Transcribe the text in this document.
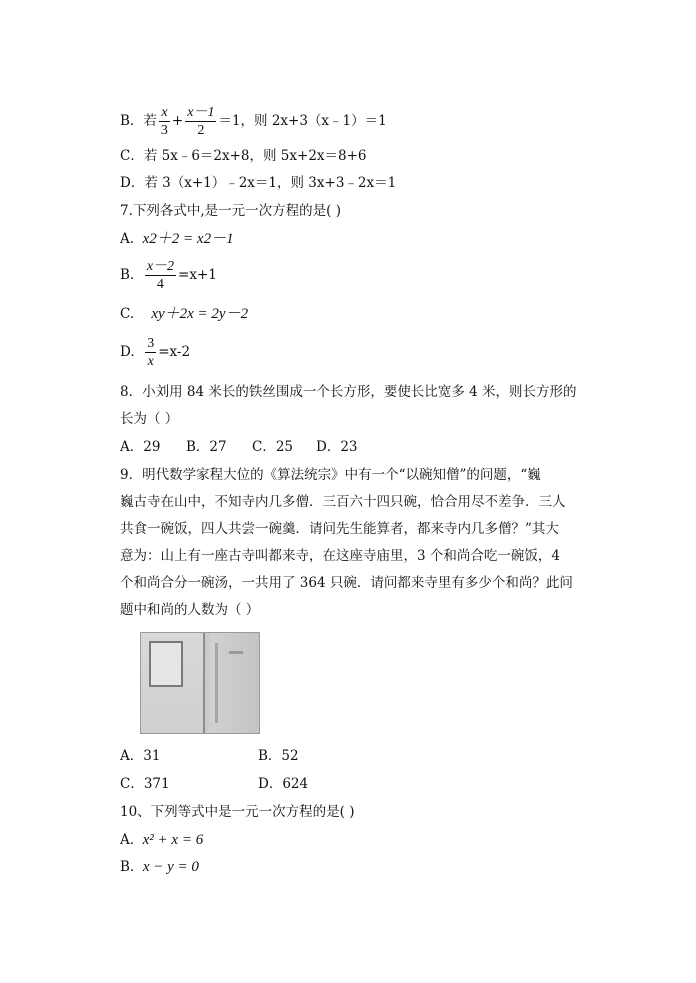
B．若 $\frac{x}{3} + \frac{x-1}{2} =1$，则 2x+3（x﹣1）＝1
C．若 5x﹣6＝2x+8，则 5x+2x＝8+6
D．若 3（x+1）﹣2x＝1，则 3x+3﹣2x＝1
7.下列各式中,是一元一次方程的是( )
A. x2＋2 = x2－1
B. $\frac{x-2}{4} =x+1$
C. xy＋2x = 2y－2
D. $\frac{3}{x} =x-2$
8．小刘用 84 米长的铁丝围成一个长方形，要使长比宽多 4 米，则长方形的
长为（ ）
A．29 B．27 C．25 D．23
9．明代数学家程大位的《算法统宗》中有一个“以碗知僧”的问题，“巍
巍古寺在山中，不知寺内几多僧．三百六十四只碗，恰合用尽不差争．三人
共食一碗饭，四人共尝一碗羹．请问先生能算者，都来寺内几多僧？”其大
意为：山上有一座古寺叫都来寺，在这座寺庙里，3 个和尚合吃一碗饭，4
个和尚合分一碗汤，一共用了 364 只碗．请问都来寺里有多少个和尚？此问
题中和尚的人数为（ ）
A．31	B．52
C．371	D．624
10、下列等式中是一元一次方程的是( )
A. x² + x = 6
B. x − y = 0
